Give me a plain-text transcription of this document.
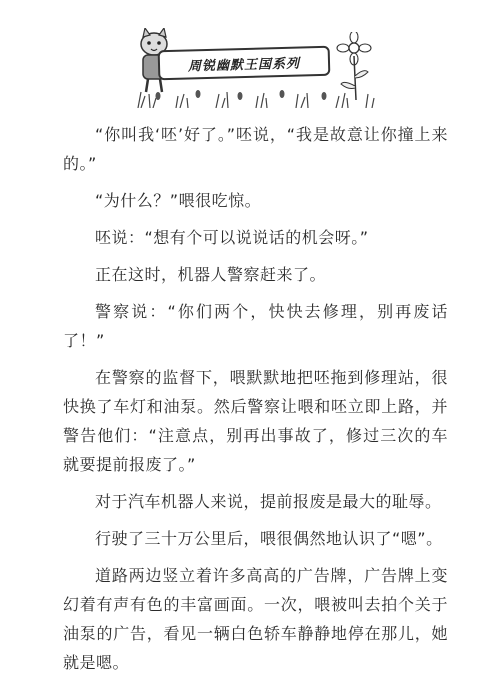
周锐幽默王国系列

“你叫我‘呸’好了。”呸说，“我是故意让你撞上来的。”

“为什么？”喂很吃惊。

呸说：“想有个可以说说话的机会呀。”

正在这时，机器人警察赶来了。

警察说：“你们两个，快快去修理，别再废话了！”

在警察的监督下，喂默默地把呸拖到修理站，很快换了车灯和油泵。然后警察让喂和呸立即上路，并警告他们：“注意点，别再出事故了，修过三次的车就要提前报废了。”

对于汽车机器人来说，提前报废是最大的耻辱。

行驶了三十万公里后，喂很偶然地认识了“嗯”。

道路两边竖立着许多高高的广告牌，广告牌上变幻着有声有色的丰富画面。一次，喂被叫去拍个关于油泵的广告，看见一辆白色轿车静静地停在那儿，她就是嗯。
